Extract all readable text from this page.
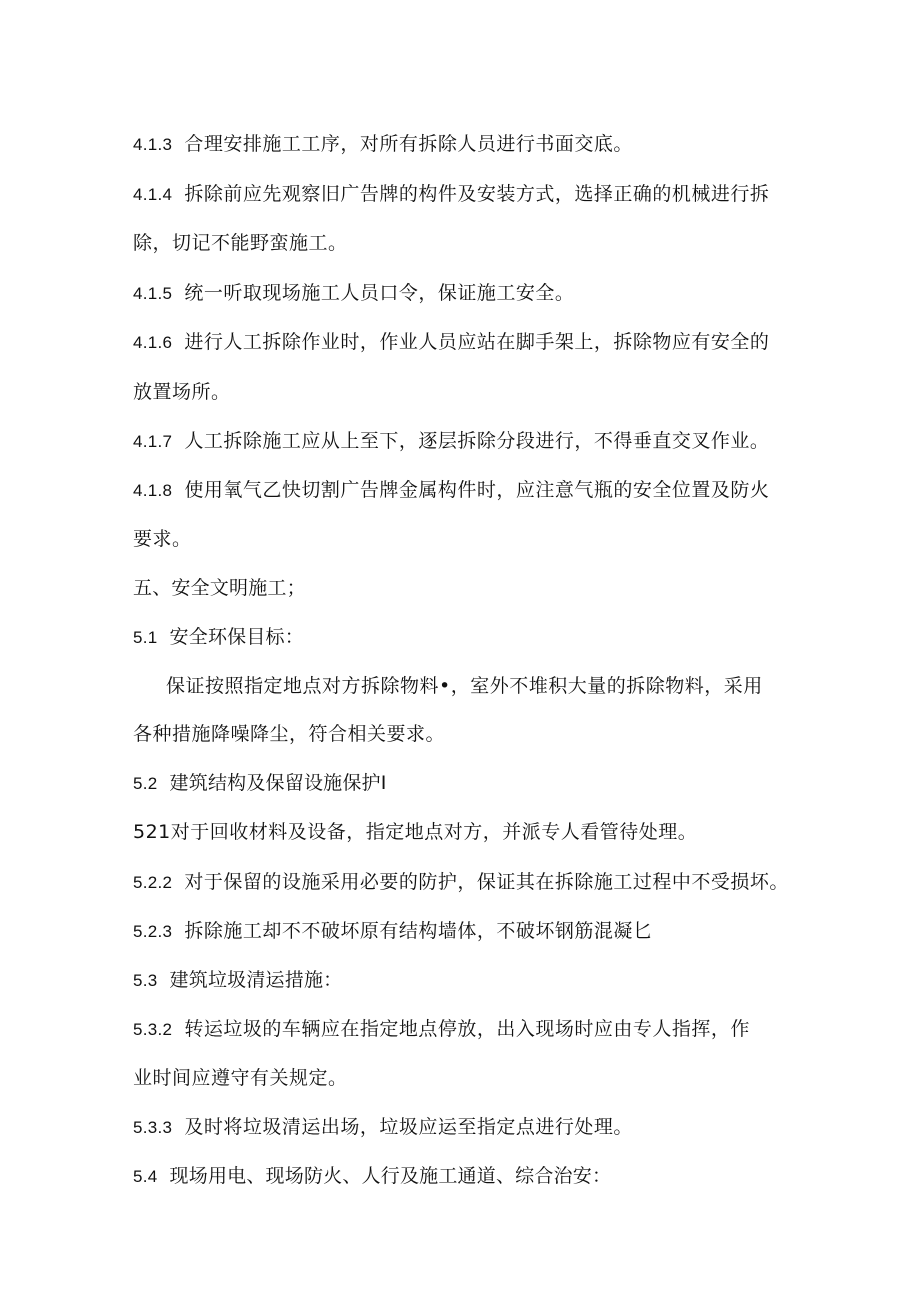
4.1.3 合理安排施工工序，对所有拆除人员进行书面交底。
4.1.4 拆除前应先观察旧广告牌的构件及安装方式，选择正确的机械进行拆
除，切记不能野蛮施工。
4.1.5 统一听取现场施工人员口令，保证施工安全。
4.1.6 进行人工拆除作业时，作业人员应站在脚手架上，拆除物应有安全的
放置场所。
4.1.7 人工拆除施工应从上至下，逐层拆除分段进行，不得垂直交叉作业。
4.1.8 使用氧气乙快切割广告牌金属构件时，应注意气瓶的安全位置及防火
要求。
五、安全文明施工；
5.1 安全环保目标：
保证按照指定地点对方拆除物料•，室外不堆积大量的拆除物料，采用
各种措施降噪降尘，符合相关要求。
5.2 建筑结构及保留设施保护I
521对于回收材料及设备，指定地点对方，并派专人看管待处理。
5.2.2 对于保留的设施采用必要的防护，保证其在拆除施工过程中不受损坏。
5.2.3 拆除施工却不不破坏原有结构墙体，不破坏钢筋混凝匕
5.3 建筑垃圾清运措施：
5.3.2 转运垃圾的车辆应在指定地点停放，出入现场时应由专人指挥，作
业时间应遵守有关规定。
5.3.3 及时将垃圾清运出场，垃圾应运至指定点进行处理。
5.4 现场用电、现场防火、人行及施工通道、综合治安：
